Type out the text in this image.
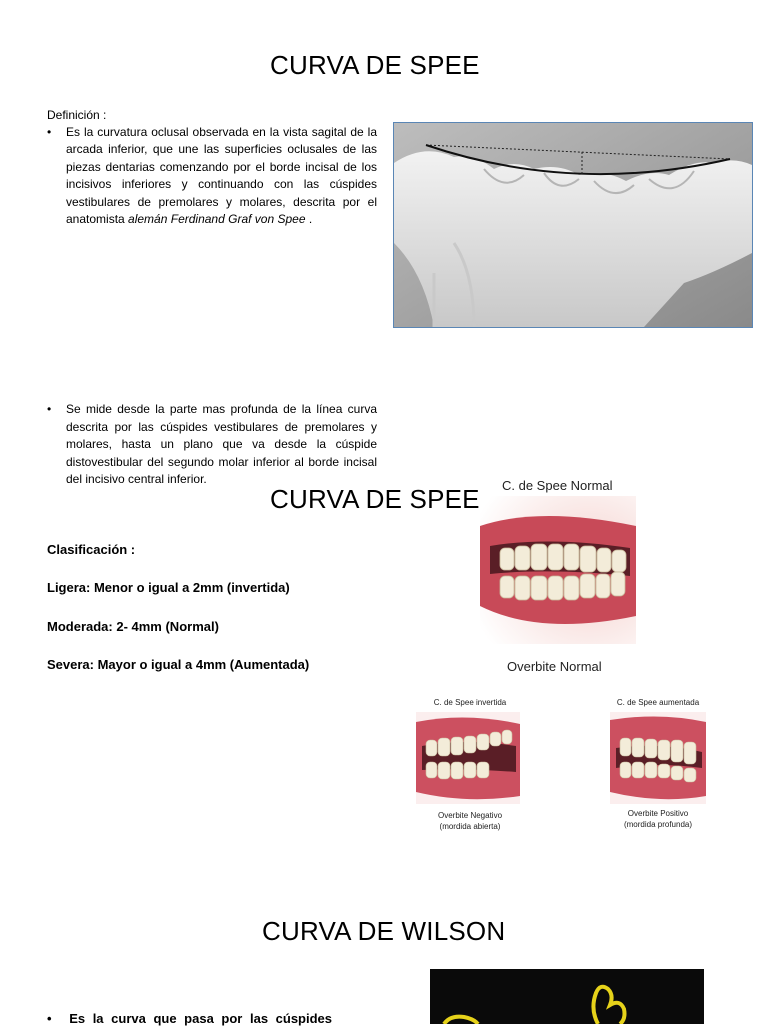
CURVA DE SPEE
Definición :
• Es la curvatura oclusal observada en la vista sagital de la arcada inferior, que une las superficies oclusales de las piezas dentarias comenzando por el borde incisal de los incisivos inferiores y continuando con las cúspides vestibulares de premolares y molares, descrita por el anatomista alemán Ferdinand Graf von Spee .
• Se mide desde la parte mas profunda de la línea curva descrita por las cúspides vestibulares de premolares y molares, hasta un plano que va desde la cúspide distovestibular del segundo molar inferior al borde incisal del incisivo central inferior.
CURVA DE SPEE
Clasificación :
Ligera: Menor o igual a 2mm (invertida)
Moderada: 2- 4mm (Normal)
Severa: Mayor o igual a 4mm (Aumentada)
C. de Spee Normal
Overbite Normal
C. de Spee invertida
Overbite Negativo
(mordida abierta)
C. de Spee aumentada
Overbite Positivo
(mordida profunda)
CURVA DE WILSON
• Es la curva que pasa por las cúspides
